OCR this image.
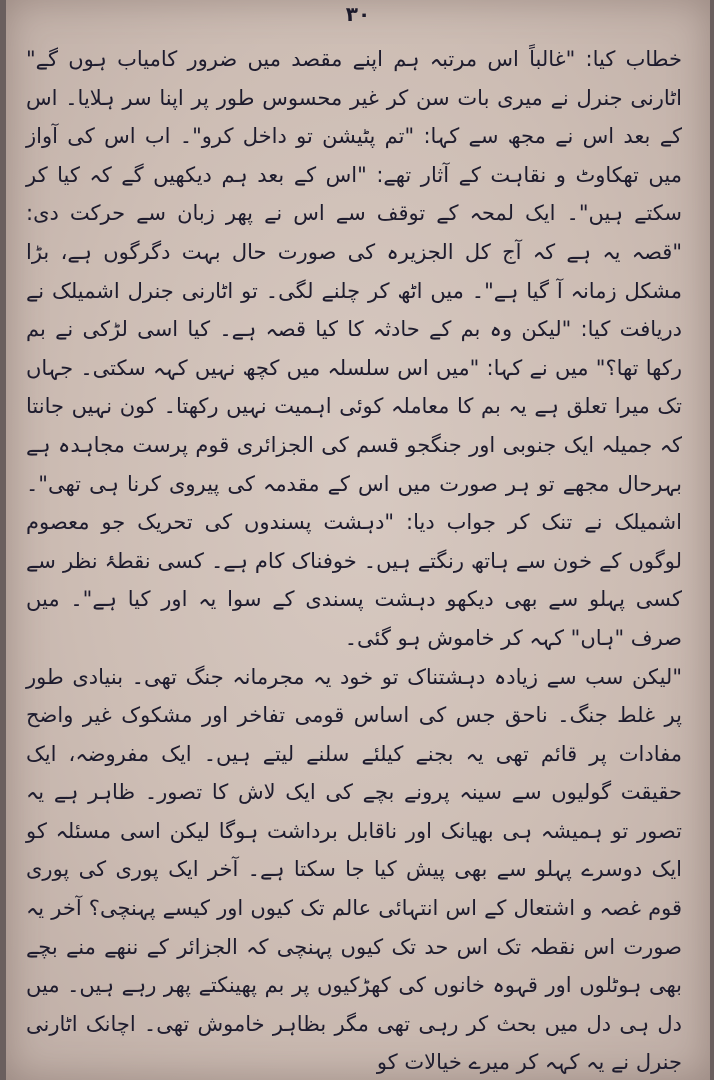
۳۰

خطاب کیا: "غالباً اس مرتبہ ہم اپنے مقصد میں ضرور کامیاب ہوں گے" اٹارنی جنرل نے میری بات سن کر غیر محسوس طور پر اپنا سر ہلایا۔ اس کے بعد اس نے مجھ سے کہا: "تم پٹیشن تو داخل کرو"۔ اب اس کی آواز میں تھکاوٹ و نقاہت کے آثار تھے: "اس کے بعد ہم دیکھیں گے کہ کیا کر سکتے ہیں"۔ ایک لمحہ کے توقف سے اس نے پھر زبان سے حرکت دی: "قصہ یہ ہے کہ آج کل الجزیرہ کی صورت حال بہت دگرگوں ہے، بڑا مشکل زمانہ آ گیا ہے"۔ میں اٹھ کر چلنے لگی۔ تو اٹارنی جنرل اشمیلک نے دریافت کیا: "لیکن وہ بم کے حادثہ کا کیا قصہ ہے۔ کیا اسی لڑکی نے بم رکھا تھا؟" میں نے کہا: "میں اس سلسلہ میں کچھ نہیں کہہ سکتی۔ جہاں تک میرا تعلق ہے یہ بم کا معاملہ کوئی اہمیت نہیں رکھتا۔ کون نہیں جانتا کہ جمیلہ ایک جنوبی اور جنگجو قسم کی الجزائری قوم پرست مجاہدہ ہے بہرحال مجھے تو ہر صورت میں اس کے مقدمہ کی پیروی کرنا ہی تھی"۔ اشمیلک نے تنک کر جواب دیا: "دہشت پسندوں کی تحریک جو معصوم لوگوں کے خون سے ہاتھ رنگتے ہیں۔ خوفناک کام ہے۔ کسی نقطۂ نظر سے کسی پہلو سے بھی دیکھو دہشت پسندی کے سوا یہ اور کیا ہے"۔ میں صرف "ہاں" کہہ کر خاموش ہو گئی۔

"لیکن سب سے زیادہ دہشتناک تو خود یہ مجرمانہ جنگ تھی۔ بنیادی طور پر غلط جنگ۔ ناحق جس کی اساس قومی تفاخر اور مشکوک غیر واضح مفادات پر قائم تھی یہ بجنے کیلئے سلنے لیتے ہیں۔ ایک مفروضہ، ایک حقیقت گولیوں سے سینہ پرونے بچے کی ایک لاش کا تصور۔ ظاہر ہے یہ تصور تو ہمیشہ ہی بھیانک اور ناقابل برداشت ہوگا لیکن اسی مسئلہ کو ایک دوسرے پہلو سے بھی پیش کیا جا سکتا ہے۔ آخر ایک پوری کی پوری قوم غصہ و اشتعال کے اس انتہائی عالم تک کیوں اور کیسے پہنچی؟ آخر یہ صورت اس نقطہ تک اس حد تک کیوں پہنچی کہ الجزائر کے ننھے منے بچے بھی ہوٹلوں اور قہوہ خانوں کی کھڑکیوں پر بم پھینکتے پھر رہے ہیں۔ میں دل ہی دل میں بحث کر رہی تھی مگر بظاہر خاموش تھی۔ اچانک اٹارنی جنرل نے یہ کہہ کر میرے خیالات کو
